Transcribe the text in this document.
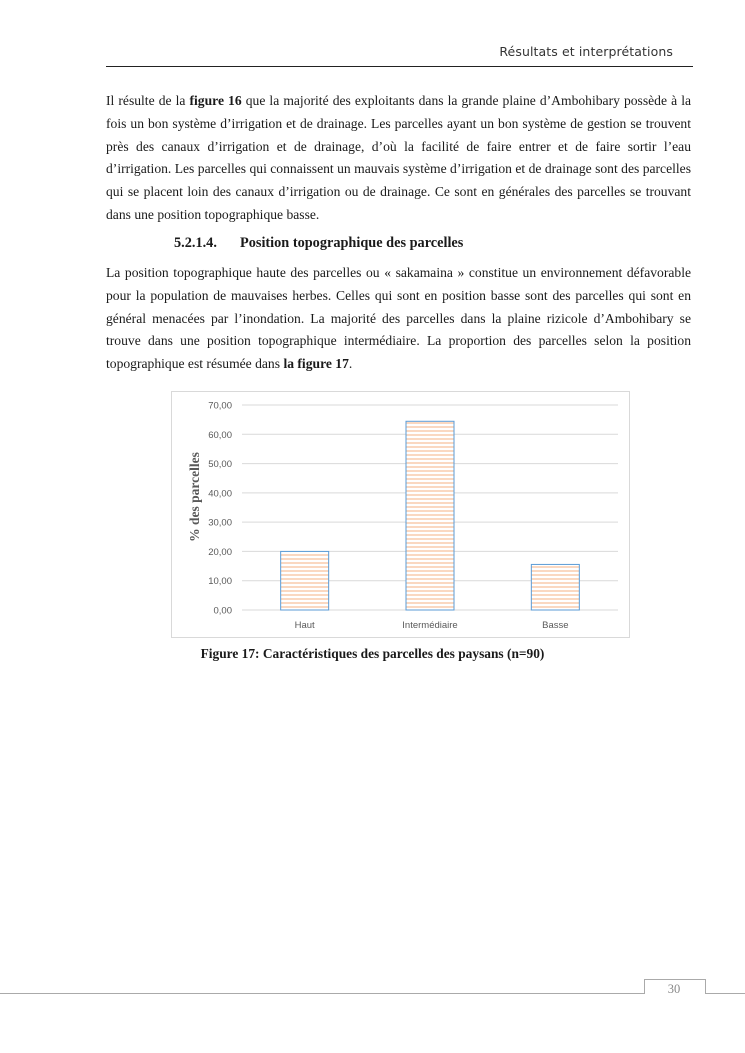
Résultats et interprétations

Il résulte de la figure 16 que la majorité des exploitants dans la grande plaine d’Ambohibary possède à la fois un bon système d’irrigation et de drainage. Les parcelles ayant un bon système de gestion se trouvent près des canaux d’irrigation et de drainage, d’où la facilité de faire entrer et de faire sortir l’eau d’irrigation. Les parcelles qui connaissent un mauvais système d’irrigation et de drainage sont des parcelles qui se placent loin des canaux d’irrigation ou de drainage. Ce sont en générales des parcelles se trouvant dans une position topographique basse.

5.2.1.4. Position topographique des parcelles

La position topographique haute des parcelles ou « sakamaina » constitue un environnement défavorable pour la population de mauvaises herbes. Celles qui sont en position basse sont des parcelles qui sont en général menacées par l’inondation. La majorité des parcelles dans la plaine rizicole d’Ambohibary se trouve dans une position topographique intermédiaire. La proportion des parcelles selon la position topographique est résumée dans la figure 17.

0,00
10,00
20,00
30,00
40,00
50,00
60,00
70,00
Haut	Intermédiaire	Basse
% des parcelles

Figure 17: Caractéristiques des parcelles des paysans (n=90)

30
